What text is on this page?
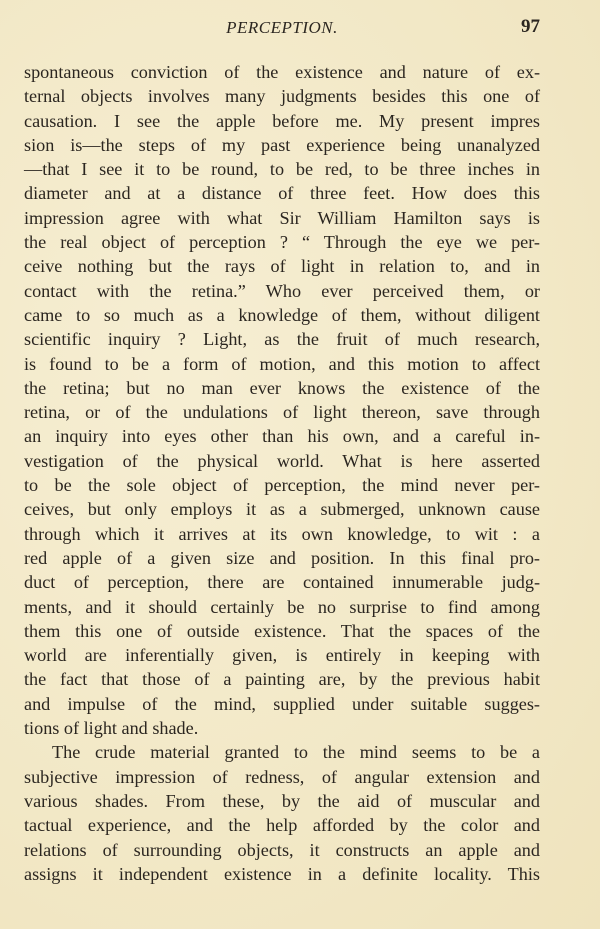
PERCEPTION.	97
spontaneous conviction of the existence and nature of ex-
ternal objects involves many judgments besides this one of
causation. I see the apple before me. My present impres
sion is—the steps of my past experience being unanalyzed
—that I see it to be round, to be red, to be three inches in
diameter and at a distance of three feet. How does this
impression agree with what Sir William Hamilton says is
the real object of perception ? “ Through the eye we per-
ceive nothing but the rays of light in relation to, and in
contact with the retina.” Who ever perceived them, or
came to so much as a knowledge of them, without diligent
scientific inquiry ? Light, as the fruit of much research,
is found to be a form of motion, and this motion to affect
the retina; but no man ever knows the existence of the
retina, or of the undulations of light thereon, save through
an inquiry into eyes other than his own, and a careful in-
vestigation of the physical world. What is here asserted
to be the sole object of perception, the mind never per-
ceives, but only employs it as a submerged, unknown cause
through which it arrives at its own knowledge, to wit : a
red apple of a given size and position. In this final pro-
duct of perception, there are contained innumerable judg-
ments, and it should certainly be no surprise to find among
them this one of outside existence. That the spaces of the
world are inferentially given, is entirely in keeping with
the fact that those of a painting are, by the previous habit
and impulse of the mind, supplied under suitable sugges-
tions of light and shade.
The crude material granted to the mind seems to be a
subjective impression of redness, of angular extension and
various shades. From these, by the aid of muscular and
tactual experience, and the help afforded by the color and
relations of surrounding objects, it constructs an apple and
assigns it independent existence in a definite locality. This
